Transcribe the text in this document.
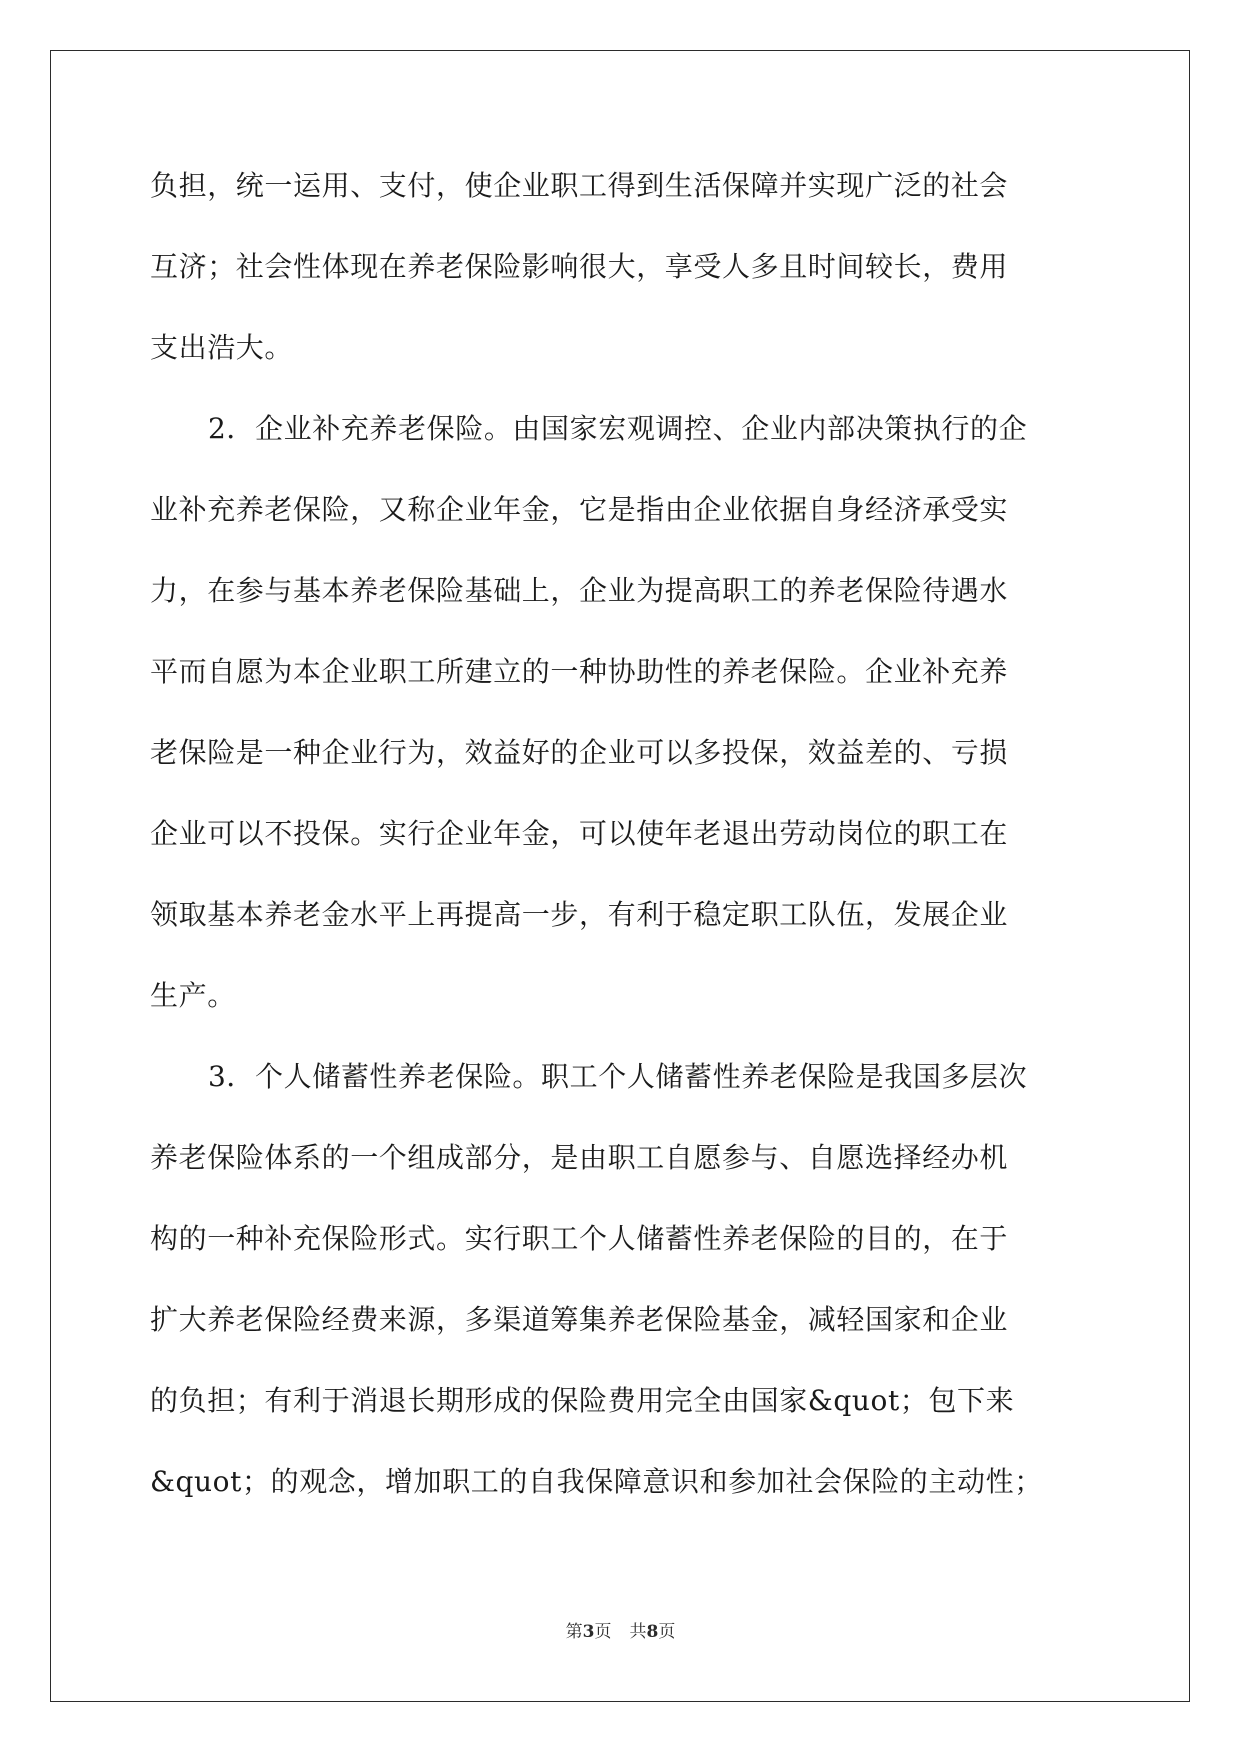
负担，统一运用、支付，使企业职工得到生活保障并实现广泛的社会
互济；社会性体现在养老保险影响很大，享受人多且时间较长，费用
支出浩大。
2．企业补充养老保险。由国家宏观调控、企业内部决策执行的企
业补充养老保险，又称企业年金，它是指由企业依据自身经济承受实
力，在参与基本养老保险基础上，企业为提高职工的养老保险待遇水
平而自愿为本企业职工所建立的一种协助性的养老保险。企业补充养
老保险是一种企业行为，效益好的企业可以多投保，效益差的、亏损
企业可以不投保。实行企业年金，可以使年老退出劳动岗位的职工在
领取基本养老金水平上再提高一步，有利于稳定职工队伍，发展企业
生产。
3．个人储蓄性养老保险。职工个人储蓄性养老保险是我国多层次
养老保险体系的一个组成部分，是由职工自愿参与、自愿选择经办机
构的一种补充保险形式。实行职工个人储蓄性养老保险的目的，在于
扩大养老保险经费来源，多渠道筹集养老保险基金，减轻国家和企业
的负担；有利于消退长期形成的保险费用完全由国家&quot；包下来
&quot；的观念，增加职工的自我保障意识和参加社会保险的主动性；
第3页 共8页
